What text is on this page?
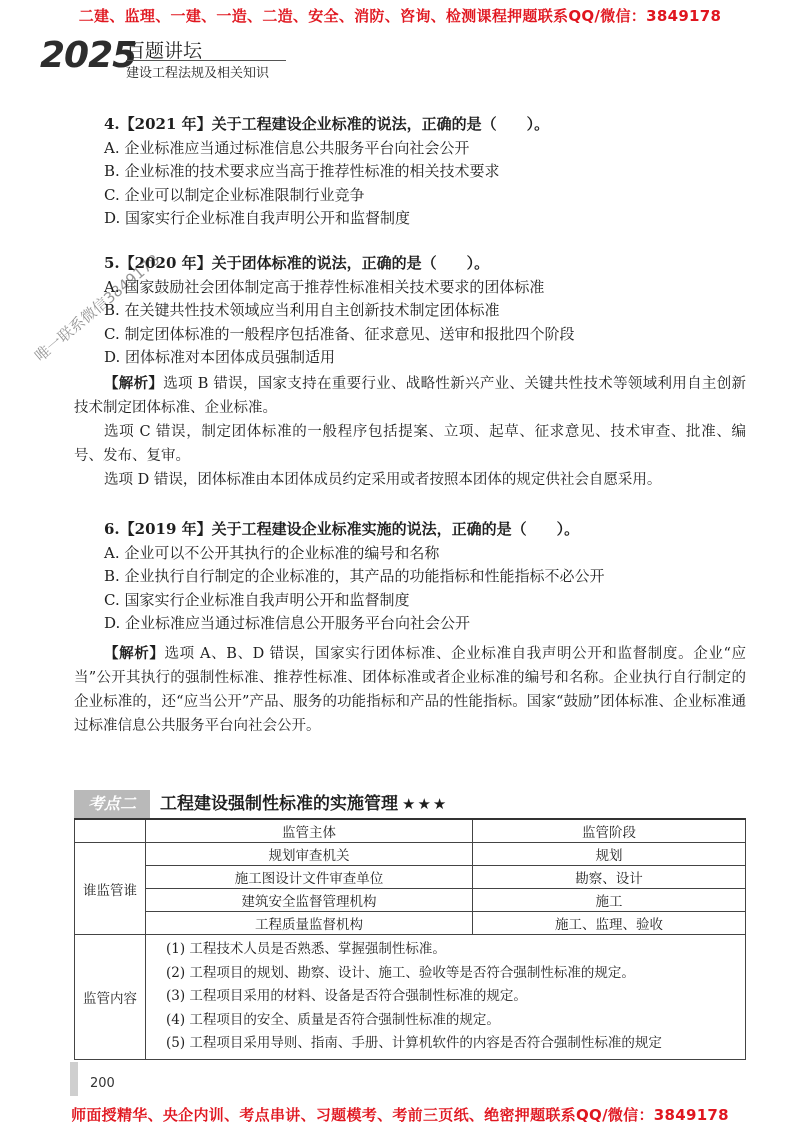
二建、监理、一建、一造、二造、安全、消防、咨询、检测课程押题联系QQ/微信：3849178
2025
百题讲坛
建设工程法规及相关知识
唯一联系微信3849178
4.【2021 年】关于工程建设企业标准的说法，正确的是（　　）。
A. 企业标准应当通过标准信息公共服务平台向社会公开
B. 企业标准的技术要求应当高于推荐性标准的相关技术要求
C. 企业可以制定企业标准限制行业竞争
D. 国家实行企业标准自我声明公开和监督制度
5.【2020 年】关于团体标准的说法，正确的是（　　）。
A. 国家鼓励社会团体制定高于推荐性标准相关技术要求的团体标准
B. 在关键共性技术领域应当利用自主创新技术制定团体标准
C. 制定团体标准的一般程序包括准备、征求意见、送审和报批四个阶段
D. 团体标准对本团体成员强制适用

【解析】选项 B 错误，国家支持在重要行业、战略性新兴产业、关键共性技术等领域利用自主创新技术制定团体标准、企业标准。

选项 C 错误，制定团体标准的一般程序包括提案、立项、起草、征求意见、技术审查、批准、编号、发布、复审。

选项 D 错误，团体标准由本团体成员约定采用或者按照本团体的规定供社会自愿采用。

6.【2019 年】关于工程建设企业标准实施的说法，正确的是（　　）。
A. 企业可以不公开其执行的企业标准的编号和名称
B. 企业执行自行制定的企业标准的，其产品的功能指标和性能指标不必公开
C. 国家实行企业标准自我声明公开和监督制度
D. 企业标准应当通过标准信息公开服务平台向社会公开

【解析】选项 A、B、D 错误，国家实行团体标准、企业标准自我声明公开和监督制度。企业“应当”公开其执行的强制性标准、推荐性标准、团体标准或者企业标准的编号和名称。企业执行自行制定的企业标准的，还“应当公开”产品、服务的功能指标和产品的性能指标。国家“鼓励”团体标准、企业标准通过标准信息公共服务平台向社会公开。

考点二	工程建设强制性标准的实施管理 ★★★
	监管主体	监管阶段
谁监管谁	规划审查机关	规划
	施工图设计文件审查单位	勘察、设计
	建筑安全监督管理机构	施工
	工程质量监督机构	施工、监理、验收
监管内容	(1) 工程技术人员是否熟悉、掌握强制性标准。
(2) 工程项目的规划、勘察、设计、施工、验收等是否符合强制性标准的规定。
(3) 工程项目采用的材料、设备是否符合强制性标准的规定。
(4) 工程项目的安全、质量是否符合强制性标准的规定。
(5) 工程项目采用导则、指南、手册、计算机软件的内容是否符合强制性标准的规定	
200
师面授精华、央企内训、考点串讲、习题模考、考前三页纸、绝密押题联系QQ/微信：3849178
